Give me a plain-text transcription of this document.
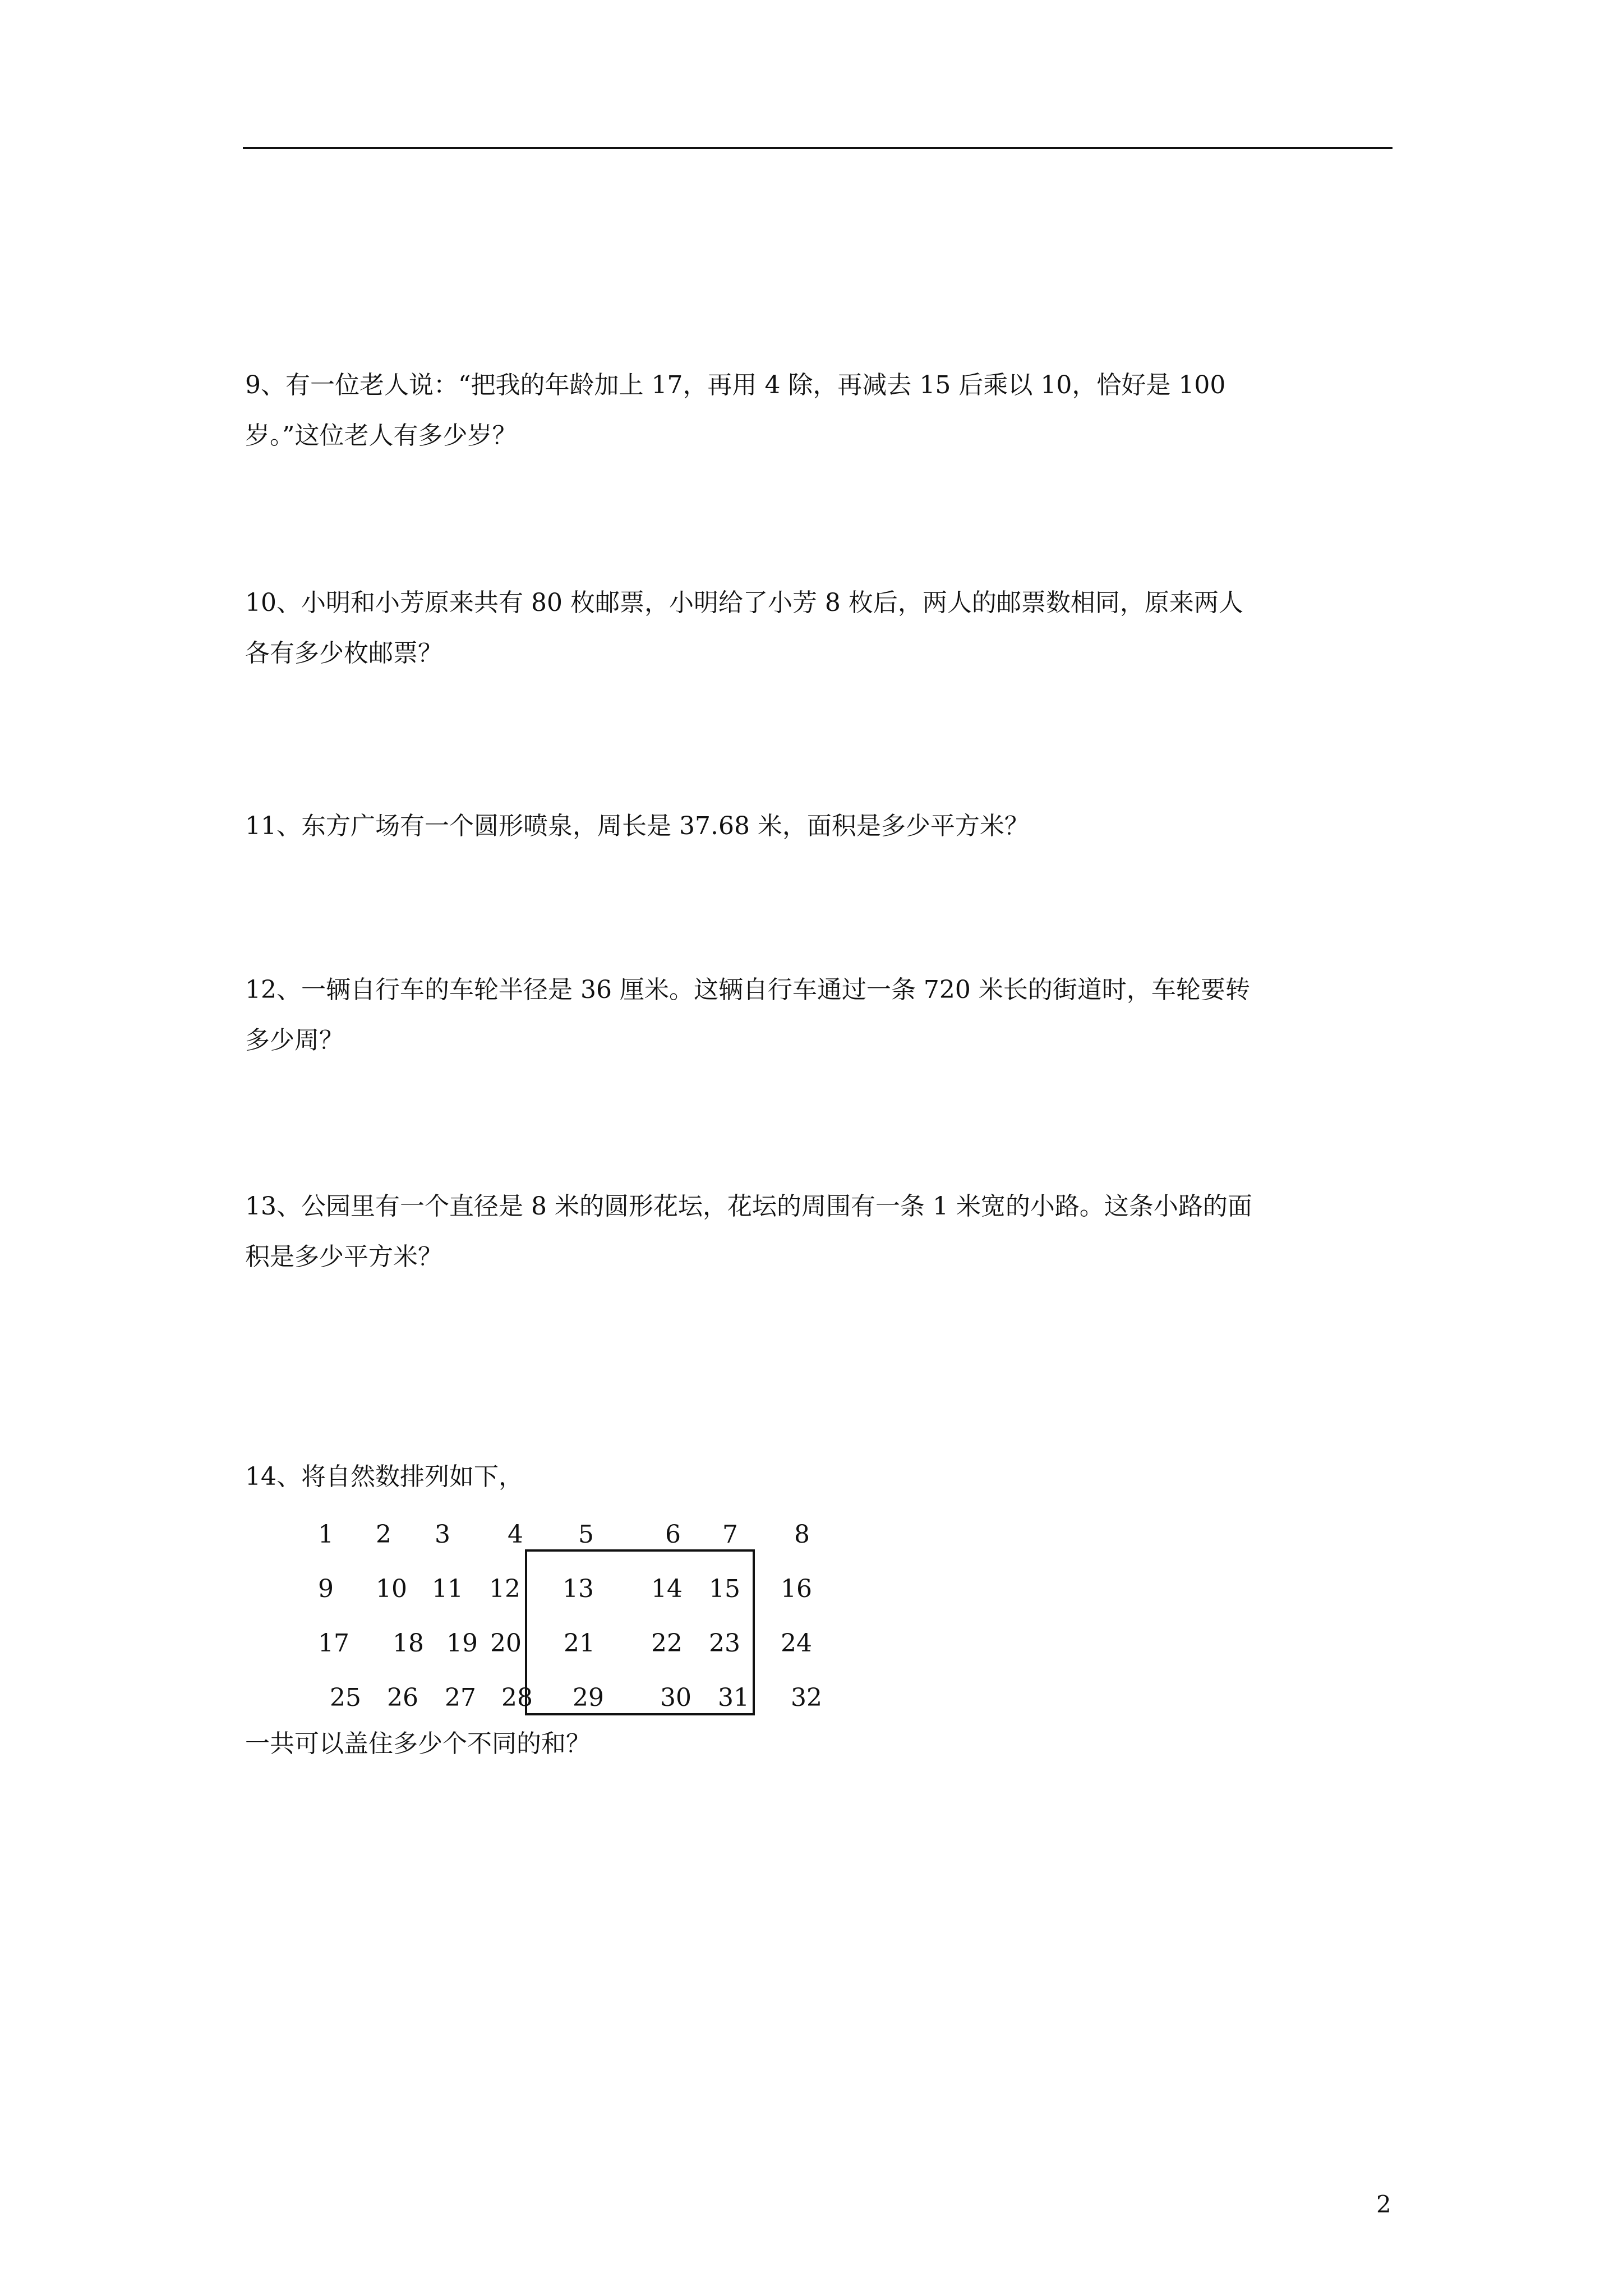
9、有一位老人说：“把我的年龄加上 17，再用 4 除，再减去 15 后乘以 10，恰好是 100
岁。”这位老人有多少岁？
10、小明和小芳原来共有 80 枚邮票，小明给了小芳 8 枚后，两人的邮票数相同，原来两人
各有多少枚邮票？
11、东方广场有一个圆形喷泉，周长是 37.68 米，面积是多少平方米？
12、一辆自行车的车轮半径是 36 厘米。这辆自行车通过一条 720 米长的街道时，车轮要转
多少周？
13、公园里有一个直径是 8 米的圆形花坛，花坛的周围有一条 1 米宽的小路。这条小路的面
积是多少平方米？
14、将自然数排列如下，
1 2 3 4 5	6 7 8
9 10 11 12 13 14 15 16
17 18 19 20 21 22 23 24
25 26 27 28 29 30 31 32
一共可以盖住多少个不同的和？
2
